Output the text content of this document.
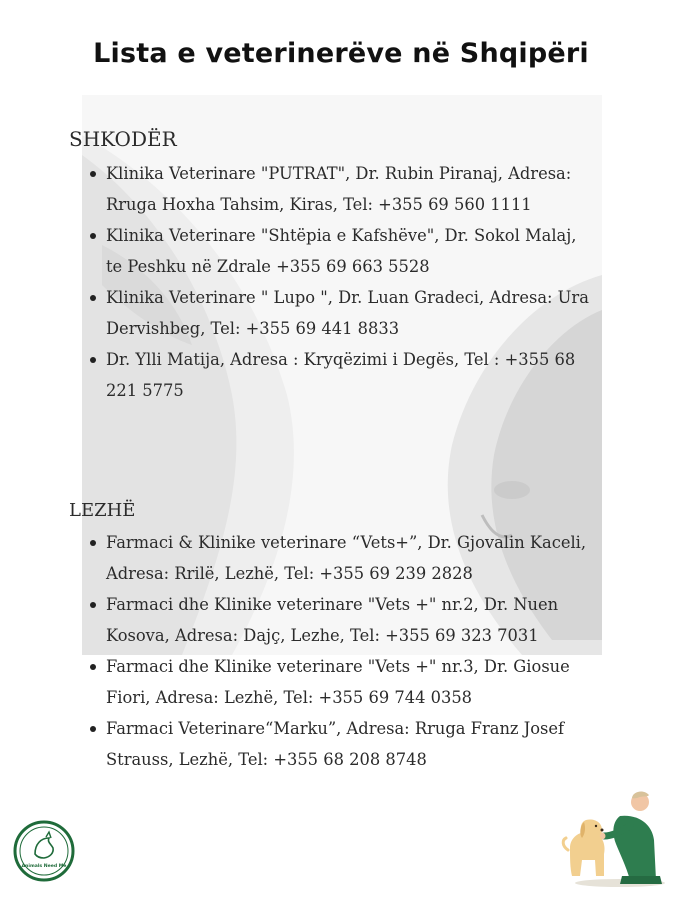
Lista e veterinerëve në Shqipëri
SHKODËR
Klinika Veterinare "PUTRAT", Dr. Rubin Piranaj, Adresa: Rruga Hoxha Tahsim, Kiras, Tel: +355 69 560 1111
Klinika Veterinare "Shtëpia e Kafshëve", Dr. Sokol Malaj, te Peshku në Zdrale +355 69 663 5528
Klinika Veterinare " Lupo ", Dr. Luan Gradeci, Adresa: Ura Dervishbeg, Tel: +355 69 441 8833
Dr. Ylli Matija, Adresa : Kryqëzimi i Degës, Tel : +355 68 221 5775
LEZHË
Farmaci & Klinike veterinare “Vets+”, Dr. Gjovalin Kaceli, Adresa: Rrilë, Lezhë, Tel: +355 69 239 2828
Farmaci dhe Klinike veterinare "Vets +" nr.2, Dr. Nuen Kosova, Adresa: Dajç, Lezhe, Tel: +355 69 323 7031
Farmaci dhe Klinike veterinare "Vets +" nr.3, Dr. Giosue Fiori, Adresa: Lezhë, Tel: +355 69 744 0358
Farmaci Veterinare“Marku”, Adresa: Rruga Franz Josef Strauss, Lezhë, Tel: +355 68 208 8748
Animals Need Me
